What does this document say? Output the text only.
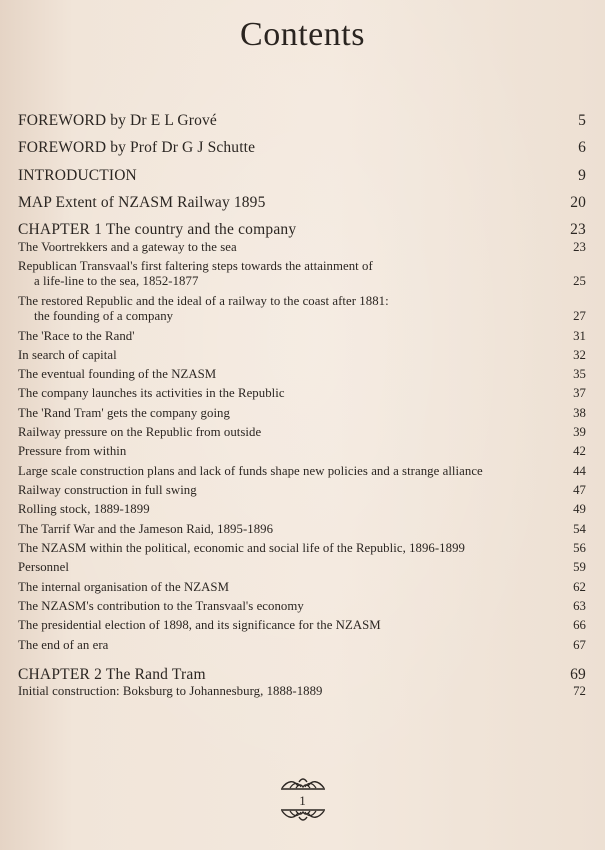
Contents
FOREWORD by Dr E L Grové	5
FOREWORD by Prof Dr G J Schutte	6
INTRODUCTION	9
MAP Extent of NZASM Railway 1895	20
CHAPTER 1 The country and the company	23
The Voortrekkers and a gateway to the sea	23
Republican Transvaal's first faltering steps towards the attainment of
a life-line to the sea, 1852-1877	25
The restored Republic and the ideal of a railway to the coast after 1881:
the founding of a company	27
The 'Race to the Rand'	31
In search of capital	32
The eventual founding of the NZASM	35
The company launches its activities in the Republic	37
The 'Rand Tram' gets the company going	38
Railway pressure on the Republic from outside	39
Pressure from within	42
Large scale construction plans and lack of funds shape new policies and a strange alliance	44
Railway construction in full swing	47
Rolling stock, 1889-1899	49
The Tarrif War and the Jameson Raid, 1895-1896	54
The NZASM within the political, economic and social life of the Republic, 1896-1899	56
Personnel	59
The internal organisation of the NZASM	62
The NZASM's contribution to the Transvaal's economy	63
The presidential election of 1898, and its significance for the NZASM	66
The end of an era	67
CHAPTER 2 The Rand Tram	69
Initial construction: Boksburg to Johannesburg, 1888-1889	72
1
